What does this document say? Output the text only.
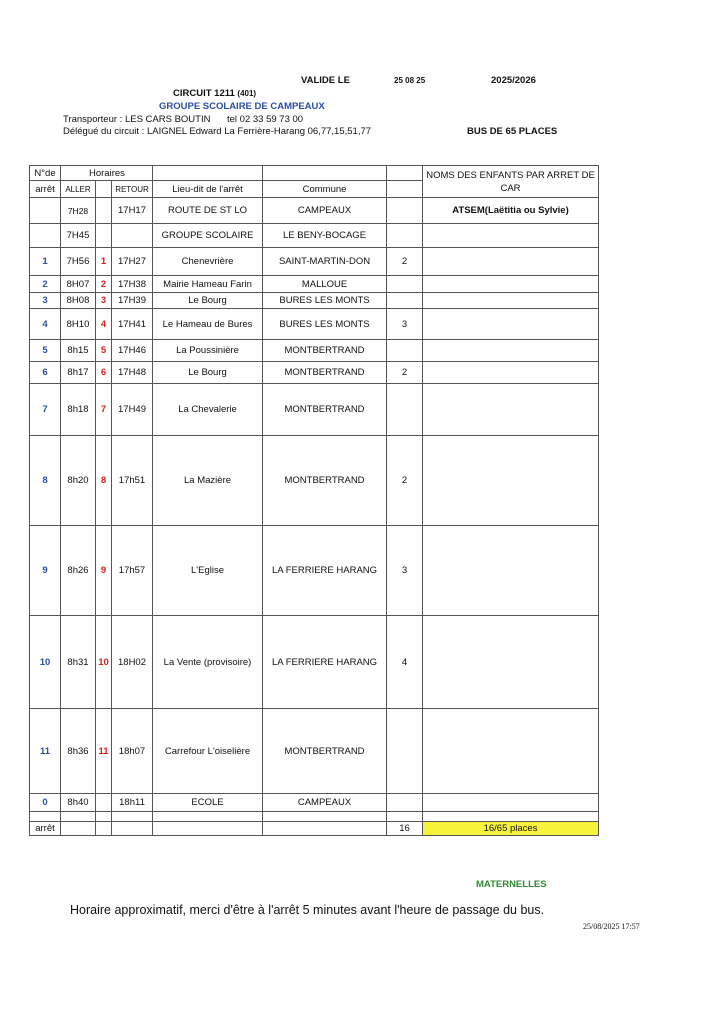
VALIDE LE	25 08 25	2025/2026
CIRCUIT 1211 (401)
GROUPE SCOLAIRE DE CAMPEAUX
Transporteur : LES CARS BOUTIN tel 02 33 59 73 00
Délégué du circuit : LAIGNEL Edward La Ferrière-Harang 06,77,15,51,77	BUS DE 65 PLACES
N°de	Horaires						NOMS DES ENFANTS PAR ARRET DE CAR
arrêt	ALLER		RETOUR	Lieu-dit de l'arrêt	Commune		
	7H28		17H17	ROUTE DE ST LO	CAMPEAUX		ATSEM(Laëtitia ou Sylvie)
	7H45			GROUPE SCOLAIRE	LE BENY-BOCAGE		
1	7H56	1	17H27	Chenevrière	SAINT-MARTIN-DON	2	
2	8H07	2	17H38	Mairie Hameau Farin	MALLOUE		
3	8H08	3	17H39	Le Bourg	BURES LES MONTS		
4	8H10	4	17H41	Le Hameau de Bures	BURES LES MONTS	3	
5	8h15	5	17H46	La Poussinière	MONTBERTRAND		
6	8h17	6	17H48	Le Bourg	MONTBERTRAND	2	
7	8h18	7	17H49	La Chevalerie	MONTBERTRAND		
8	8h20	8	17h51	La Mazière	MONTBERTRAND	2	
9	8h26	9	17h57	L'Eglise	LA FERRIERE HARANG	3	
10	8h31	10	18H02	La Vente (provisoire)	LA FERRIERE HARANG	4	
11	8h36	11	18h07	Carrefour L'oiselière	MONTBERTRAND		
0	8h40		18h11	ECOLE	CAMPEAUX		

arrêt						16	16/65 places
MATERNELLES
Horaire approximatif, merci d'être à l'arrêt 5 minutes avant l'heure de passage du bus.
25/08/2025 17:57
